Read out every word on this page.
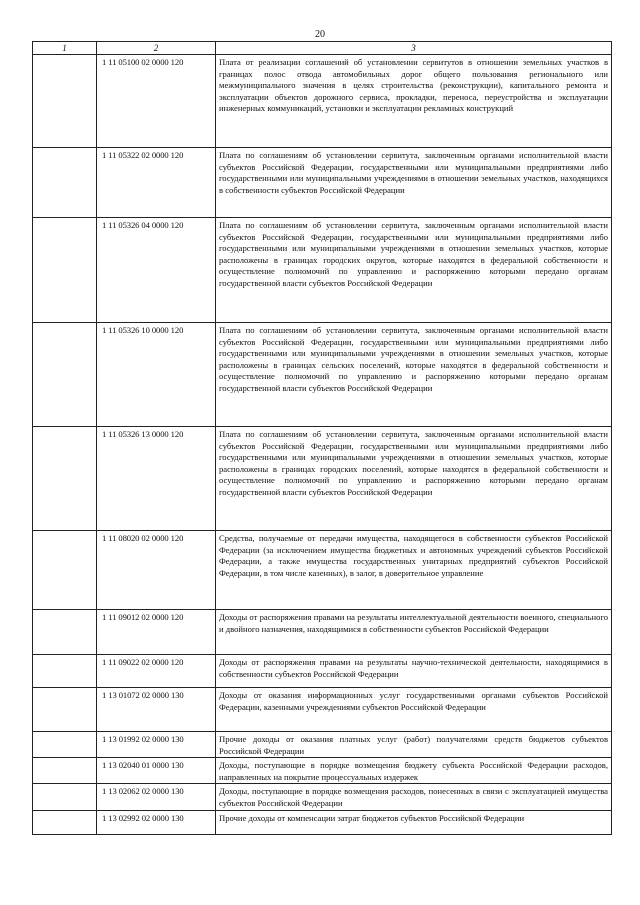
20
1	2	3

	1 11 05100 02 0000 120	Плата от реализации соглашений об установлении сервитутов в отношении земельных участков в границах полос отвода автомобильных дорог общего пользования регионального или межмуниципального значения в целях строительства (реконструкции), капитального ремонта и эксплуатации объектов дорожного сервиса, прокладки, переноса, переустройства и эксплуатации инженерных коммуникаций, установки и эксплуатации рекламных конструкций

	1 11 05322 02 0000 120	Плата по соглашениям об установлении сервитута, заключенным органами исполнительной власти субъектов Российской Федерации, государственными или муниципальными предприятиями либо государственными или муниципальными учреждениями в отношении земельных участков, находящихся в собственности субъектов Российской Федерации

	1 11 05326 04 0000 120	Плата по соглашениям об установлении сервитута, заключенным органами исполнительной власти субъектов Российской Федерации, государственными или муниципальными предприятиями либо государственными или муниципальными учреждениями в отношении земельных участков, которые расположены в границах городских округов, которые находятся в федеральной собственности и осуществление полномочий по управлению и распоряжению которыми передано органам государственной власти субъектов Российской Федерации

	1 11 05326 10 0000 120	Плата по соглашениям об установлении сервитута, заключенным органами исполнительной власти субъектов Российской Федерации, государственными или муниципальными предприятиями либо государственными или муниципальными учреждениями в отношении земельных участков, которые расположены в границах сельских поселений, которые находятся в федеральной собственности и осуществление полномочий по управлению и распоряжению которыми передано органам государственной власти субъектов Российской Федерации

	1 11 05326 13 0000 120	Плата по соглашениям об установлении сервитута, заключенным органами исполнительной власти субъектов Российской Федерации, государственными или муниципальными предприятиями либо государственными или муниципальными учреждениями в отношении земельных участков, которые расположены в границах городских поселений, которые находятся в федеральной собственности и осуществление полномочий по управлению и распоряжению которыми передано органам государственной власти субъектов Российской Федерации

	1 11 08020 02 0000 120	Средства, получаемые от передачи имущества, находящегося в собственности субъектов Российской Федерации (за исключением имущества бюджетных и автономных учреждений субъектов Российской Федерации, а также имущества государственных унитарных предприятий субъектов Российской Федерации, в том числе казенных), в залог, в доверительное управление

	1 11 09012 02 0000 120	Доходы от распоряжения правами на результаты интеллектуальной деятельности военного, специального и двойного назначения, находящимися в собственности субъектов Российской Федерации

	1 11 09022 02 0000 120	Доходы от распоряжения правами на результаты научно-технической деятельности, находящимися в собственности субъектов Российской Федерации

	1 13 01072 02 0000 130	Доходы от оказания информационных услуг государственными органами субъектов Российской Федерации, казенными учреждениями субъектов Российской Федерации

	1 13 01992 02 0000 130	Прочие доходы от оказания платных услуг (работ) получателями средств бюджетов субъектов Российской Федерации

	1 13 02040 01 0000 130	Доходы, поступающие в порядке возмещения бюджету субъекта Российской Федерации расходов, направленных на покрытие процессуальных издержек

	1 13 02062 02 0000 130	Доходы, поступающие в порядке возмещения расходов, понесенных в связи с эксплуатацией имущества субъектов Российской Федерации

	1 13 02992 02 0000 130	Прочие доходы от компенсации затрат бюджетов субъектов Российской Федерации
